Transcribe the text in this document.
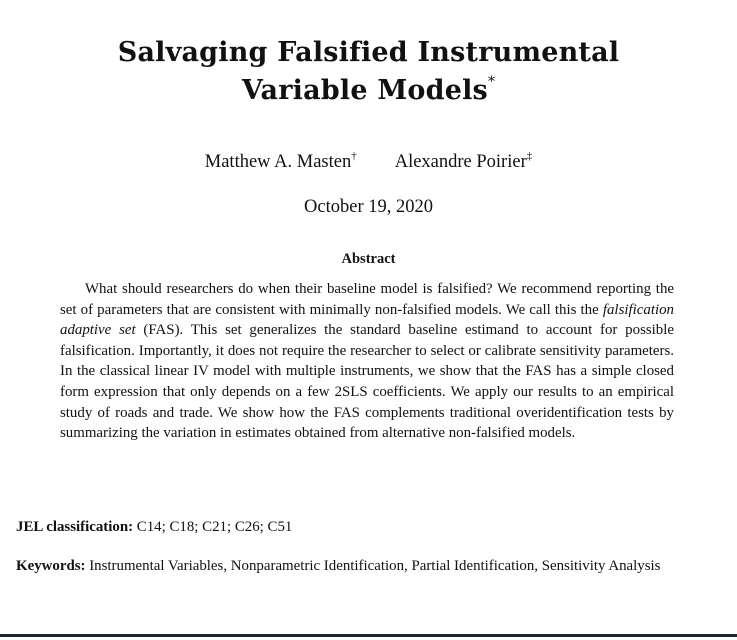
Salvaging Falsified Instrumental
Variable Models*
Matthew A. Masten† Alexandre Poirier‡
October 19, 2020
Abstract
What should researchers do when their baseline model is falsified? We recommend reporting the set of parameters that are consistent with minimally non-falsified models. We call this the falsification adaptive set (FAS). This set generalizes the standard baseline estimand to account for possible falsification. Importantly, it does not require the researcher to select or calibrate sensitivity parameters. In the classical linear IV model with multiple instruments, we show that the FAS has a simple closed form expression that only depends on a few 2SLS coefficients. We apply our results to an empirical study of roads and trade. We show how the FAS complements traditional overidentification tests by summarizing the variation in estimates obtained from alternative non-falsified models.
JEL classification: C14; C18; C21; C26; C51
Keywords: Instrumental Variables, Nonparametric Identification, Partial Identification, Sensitivity Analysis
